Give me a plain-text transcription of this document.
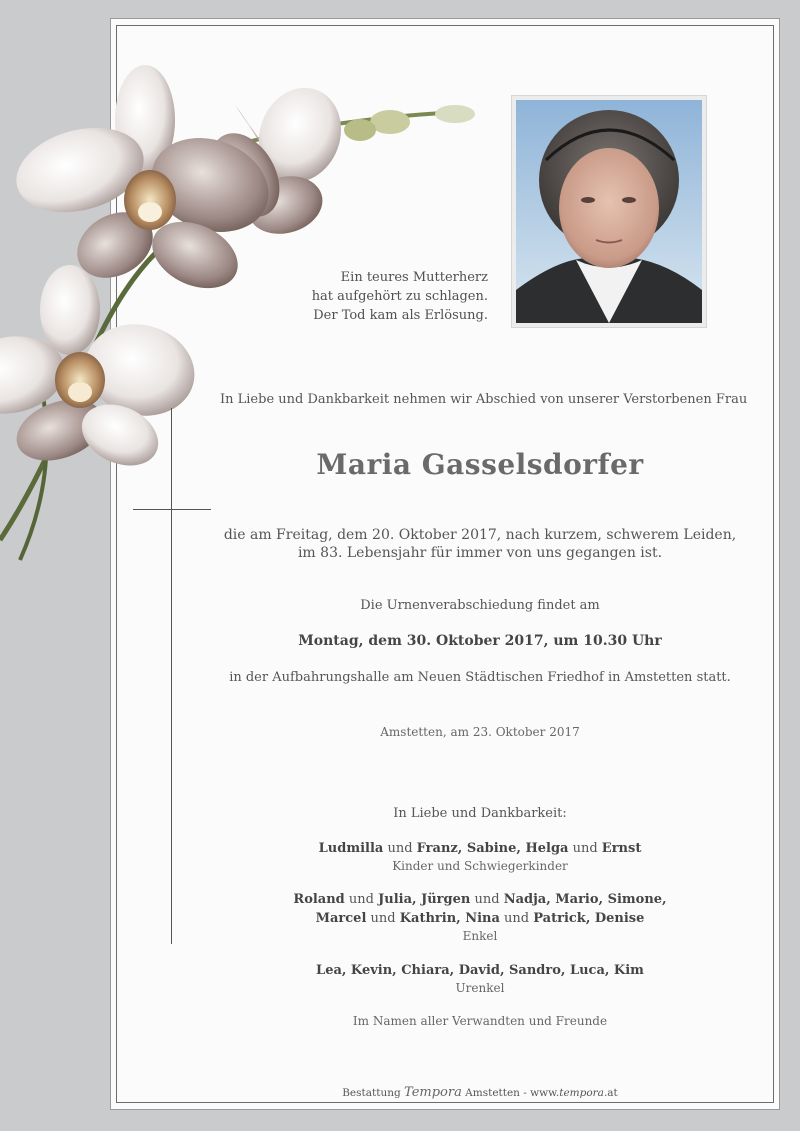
Ein teures Mutterherz
hat aufgehört zu schlagen.
Der Tod kam als Erlösung.
In Liebe und Dankbarkeit nehmen wir Abschied von unserer Verstorbenen Frau
Maria Gasselsdorfer
die am Freitag, dem 20. Oktober 2017, nach kurzem, schwerem Leiden,
im 83. Lebensjahr für immer von uns gegangen ist.
Die Urnenverabschiedung findet am
Montag, dem 30. Oktober 2017, um 10.30 Uhr
in der Aufbahrungshalle am Neuen Städtischen Friedhof in Amstetten statt.
Amstetten, am 23. Oktober 2017
In Liebe und Dankbarkeit:
Ludmilla und Franz, Sabine, Helga und Ernst
Kinder und Schwiegerkinder
Roland und Julia, Jürgen und Nadja, Mario, Simone,
Marcel und Kathrin, Nina und Patrick, Denise
Enkel
Lea, Kevin, Chiara, David, Sandro, Luca, Kim
Urenkel
Im Namen aller Verwandten und Freunde
Bestattung Tempora Amstetten - www.tempora.at
